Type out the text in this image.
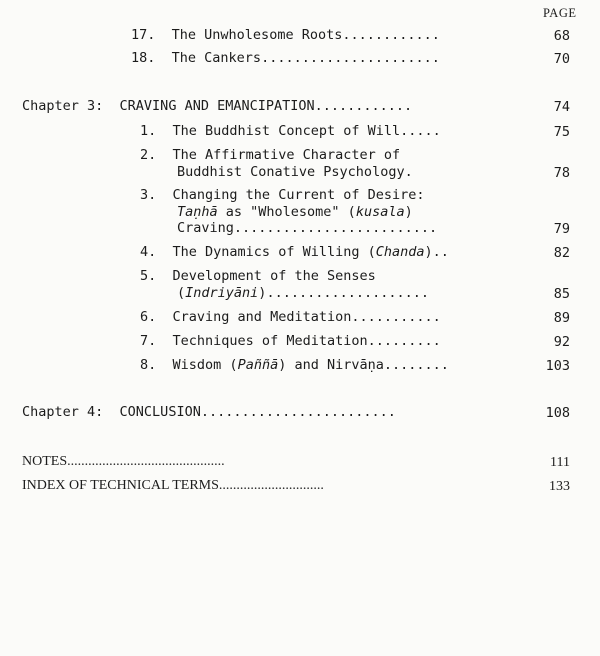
PAGE
17. The Unwholesome Roots............	68
18. The Cankers......................	70
Chapter 3: CRAVING AND EMANCIPATION............	74
1. The Buddhist Concept of Will.....	75
2. The Affirmative Character of
Buddhist Conative Psychology.	78
3. Changing the Current of Desire:
Taṇhā as "Wholesome" (kusala)
Craving.........................	79
4. The Dynamics of Willing (Chanda)..	82
5. Development of the Senses
(Indriyāni)....................	85
6. Craving and Meditation...........	89
7. Techniques of Meditation.........	92
8. Wisdom (Paññā) and Nirvāṇa........	103
Chapter 4: CONCLUSION........................	108
NOTES.............................................	111
INDEX OF TECHNICAL TERMS..............................	133
